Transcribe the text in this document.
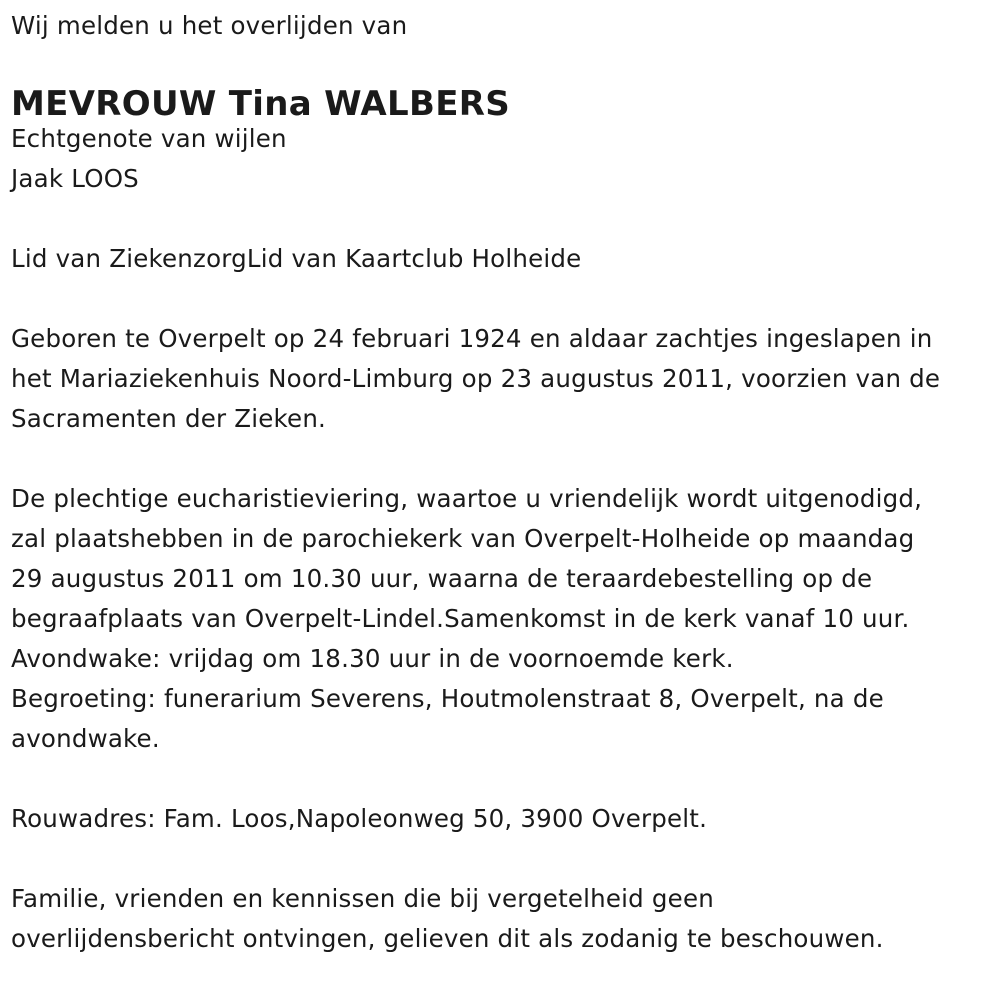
Wij melden u het overlijden van

MEVROUW Tina WALBERS

Echtgenote van wijlen

Jaak LOOS

Lid van ZiekenzorgLid van Kaartclub Holheide

Geboren te Overpelt op 24 februari 1924 en aldaar zachtjes ingeslapen in

het Mariaziekenhuis Noord-Limburg op 23 augustus 2011, voorzien van de

Sacramenten der Zieken.

De plechtige eucharistieviering, waartoe u vriendelijk wordt uitgenodigd,

zal plaatshebben in de parochiekerk van Overpelt-Holheide op maandag

29 augustus 2011 om 10.30 uur, waarna de teraardebestelling op de

begraafplaats van Overpelt-Lindel.Samenkomst in de kerk vanaf 10 uur.

Avondwake: vrijdag om 18.30 uur in de voornoemde kerk.

Begroeting: funerarium Severens, Houtmolenstraat 8, Overpelt, na de

avondwake.

Rouwadres: Fam. Loos,Napoleonweg 50, 3900 Overpelt.

Familie, vrienden en kennissen die bij vergetelheid geen

overlijdensbericht ontvingen, gelieven dit als zodanig te beschouwen.
